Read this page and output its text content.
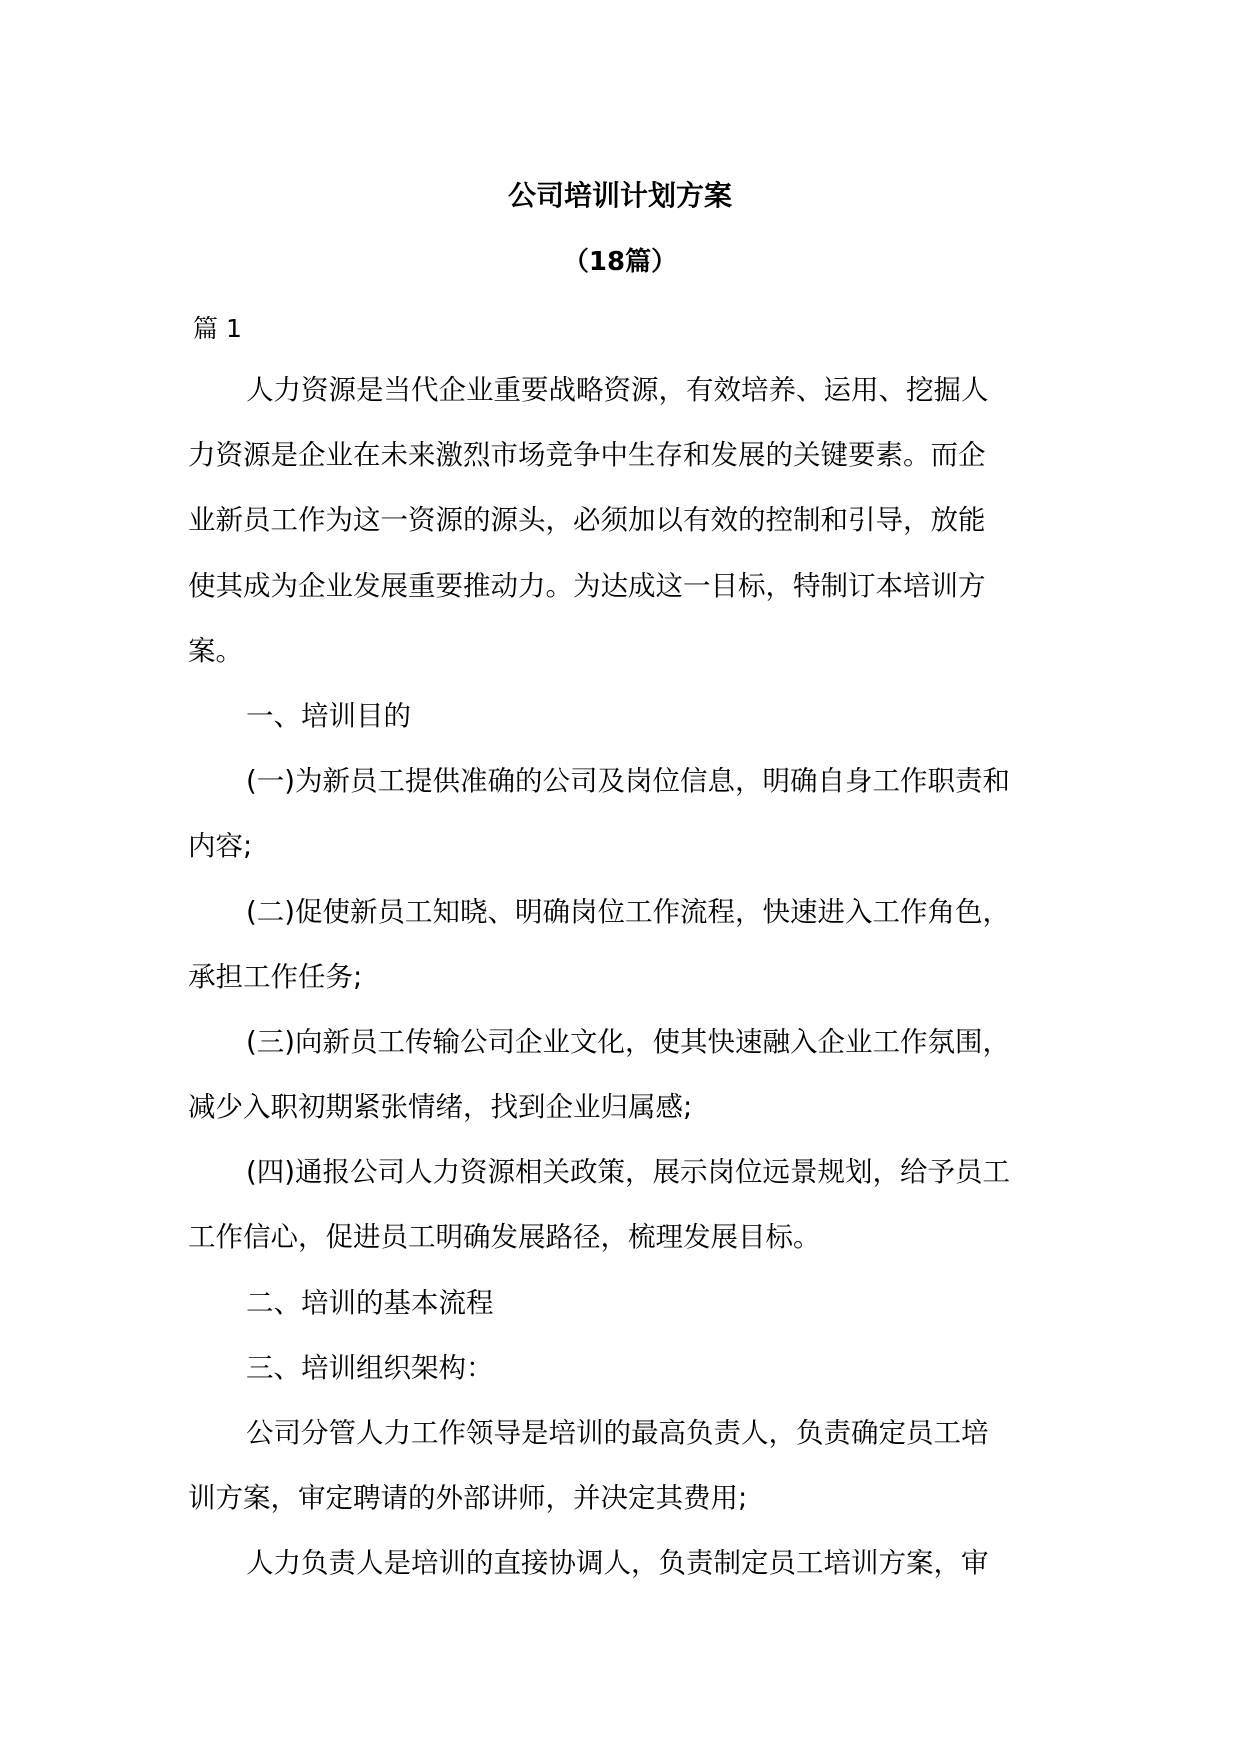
公司培训计划方案
（18篇）
篇 1
人力资源是当代企业重要战略资源，有效培养、运用、挖掘人
力资源是企业在未来激烈市场竞争中生存和发展的关键要素。而企
业新员工作为这一资源的源头，必须加以有效的控制和引导，放能
使其成为企业发展重要推动力。为达成这一目标，特制订本培训方
案。
一、培训目的
(一)为新员工提供准确的公司及岗位信息，明确自身工作职责和
内容;
(二)促使新员工知晓、明确岗位工作流程，快速进入工作角色，
承担工作任务;
(三)向新员工传输公司企业文化，使其快速融入企业工作氛围，
减少入职初期紧张情绪，找到企业归属感;
(四)通报公司人力资源相关政策，展示岗位远景规划，给予员工
工作信心，促进员工明确发展路径，梳理发展目标。
二、培训的基本流程
三、培训组织架构：
公司分管人力工作领导是培训的最高负责人，负责确定员工培
训方案，审定聘请的外部讲师，并决定其费用;
人力负责人是培训的直接协调人，负责制定员工培训方案，审
